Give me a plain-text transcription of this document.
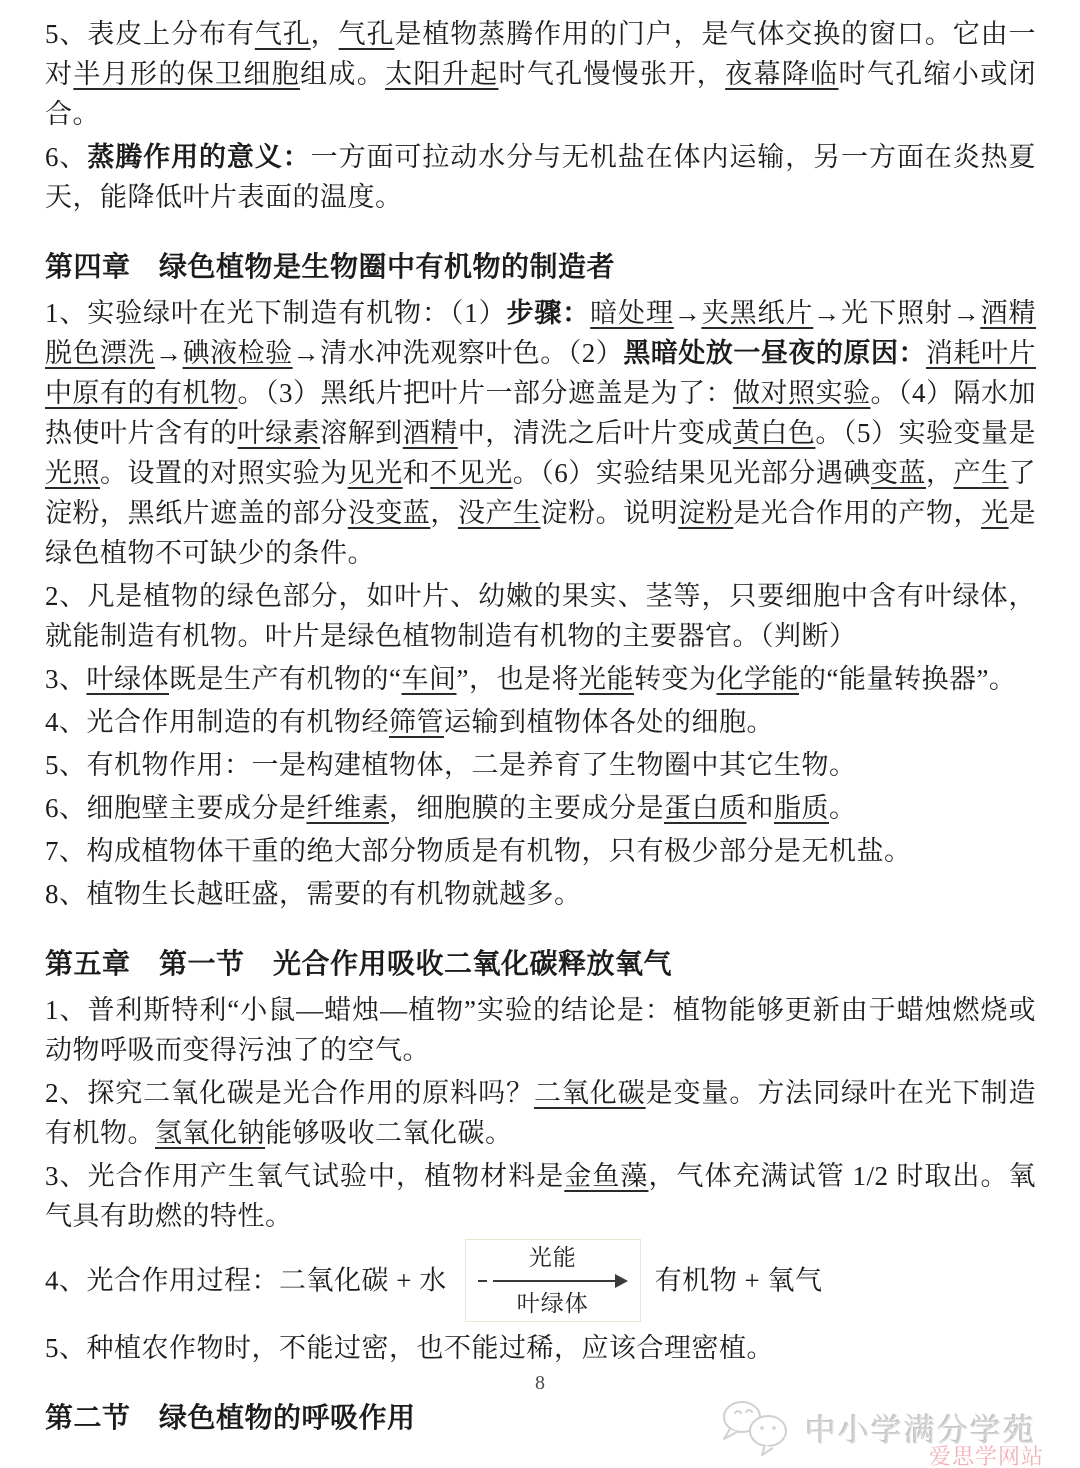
5、表皮上分布有气孔，气孔是植物蒸腾作用的门户，是气体交换的窗口。它由一对半月形的保卫细胞组成。太阳升起时气孔慢慢张开，夜幕降临时气孔缩小或闭合。

6、蒸腾作用的意义：一方面可拉动水分与无机盐在体内运输，另一方面在炎热夏天，能降低叶片表面的温度。

第四章　绿色植物是生物圈中有机物的制造者

1、实验绿叶在光下制造有机物：（1）步骤：暗处理→夹黑纸片→光下照射→酒精脱色漂洗→碘液检验→清水冲洗观察叶色。（2）黑暗处放一昼夜的原因：消耗叶片中原有的有机物。（3）黑纸片把叶片一部分遮盖是为了：做对照实验。（4）隔水加热使叶片含有的叶绿素溶解到酒精中，清洗之后叶片变成黄白色。（5）实验变量是光照。设置的对照实验为见光和不见光。（6）实验结果见光部分遇碘变蓝，产生了淀粉，黑纸片遮盖的部分没变蓝，没产生淀粉。说明淀粉是光合作用的产物，光是绿色植物不可缺少的条件。

2、凡是植物的绿色部分，如叶片、幼嫩的果实、茎等，只要细胞中含有叶绿体，就能制造有机物。叶片是绿色植物制造有机物的主要器官。（判断）

3、叶绿体既是生产有机物的“车间”，也是将光能转变为化学能的“能量转换器”。

4、光合作用制造的有机物经筛管运输到植物体各处的细胞。

5、有机物作用：一是构建植物体，二是养育了生物圈中其它生物。

6、细胞壁主要成分是纤维素，细胞膜的主要成分是蛋白质和脂质。

7、构成植物体干重的绝大部分物质是有机物，只有极少部分是无机盐。

8、植物生长越旺盛，需要的有机物就越多。

第五章　第一节　光合作用吸收二氧化碳释放氧气

1、普利斯特利“小鼠—蜡烛—植物”实验的结论是：植物能够更新由于蜡烛燃烧或动物呼吸而变得污浊了的空气。

2、探究二氧化碳是光合作用的原料吗？二氧化碳是变量。方法同绿叶在光下制造有机物。氢氧化钠能够吸收二氧化碳。

3、光合作用产生氧气试验中，植物材料是金鱼藻，气体充满试管 1/2 时取出。氧气具有助燃的特性。

4、光合作用过程：二氧化碳 + 水
光能
叶绿体
有机物 + 氧气

5、种植农作物时，不能过密，也不能过稀，应该合理密植。

第二节　绿色植物的呼吸作用
8
中小学满分学苑
爱思学网站
